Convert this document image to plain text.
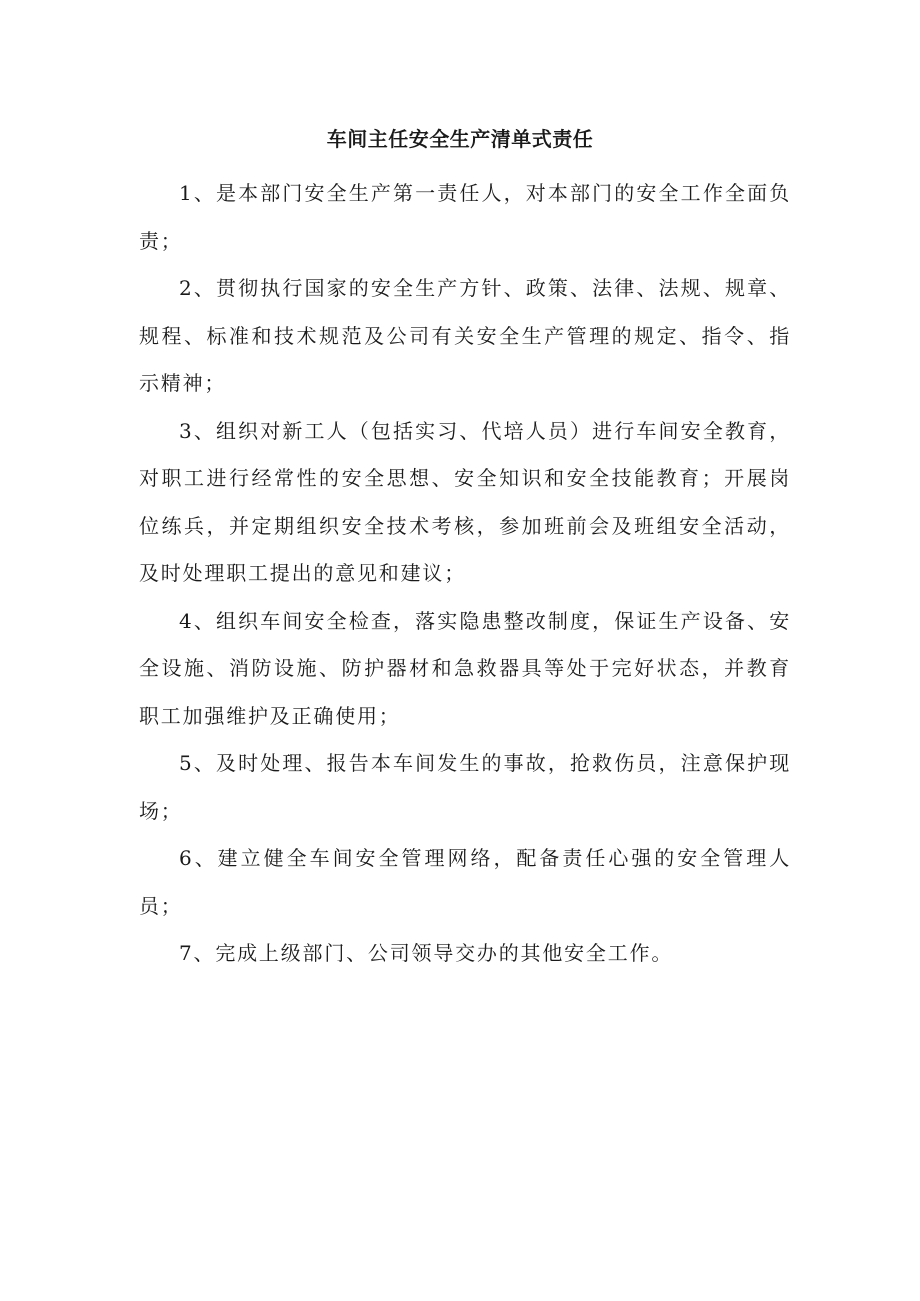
车间主任安全生产清单式责任

1、是本部门安全生产第一责任人，对本部门的安全工作全面负责；

2、贯彻执行国家的安全生产方针、政策、法律、法规、规章、规程、标准和技术规范及公司有关安全生产管理的规定、指令、指示精神；

3、组织对新工人（包括实习、代培人员）进行车间安全教育，对职工进行经常性的安全思想、安全知识和安全技能教育；开展岗位练兵，并定期组织安全技术考核，参加班前会及班组安全活动，及时处理职工提出的意见和建议；

4、组织车间安全检查，落实隐患整改制度，保证生产设备、安全设施、消防设施、防护器材和急救器具等处于完好状态，并教育职工加强维护及正确使用；

5、及时处理、报告本车间发生的事故，抢救伤员，注意保护现场；

6、建立健全车间安全管理网络，配备责任心强的安全管理人员；

7、完成上级部门、公司领导交办的其他安全工作。
